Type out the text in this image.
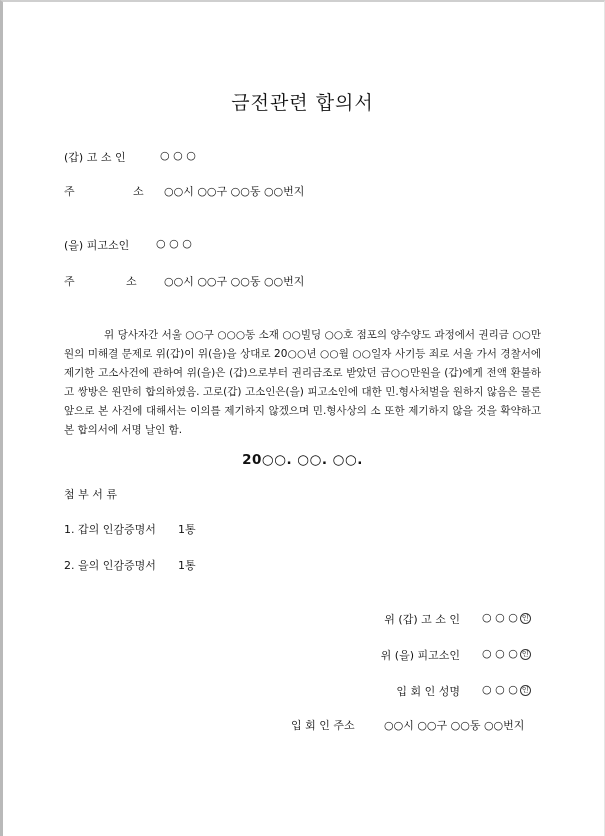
금전관련 합의서
(갑) 고 소 인	○ ○ ○
주	소 ○○시 ○○구 ○○동 ○○번지
(을) 피고소인 ○ ○ ○
주	소 ○○시 ○○구 ○○동 ○○번지
위 당사자간 서울 ○○구 ○○○동 소재 ○○빌딩 ○○호 점포의 양수양도 과정에서 권리금 ○○만원의 미해결 문제로 위(갑)이 위(을)을 상대로 20○○년 ○○월 ○○일자 사기등 죄로 서울 가서 경찰서에 제기한 고소사건에 관하여 위(을)은 (갑)으로부터 권리금조로 받았던 금○○만원을 (갑)에게 전액 환불하고 쌍방은 원만히 합의하였음. 고로(갑) 고소인은(을) 피고소인에 대한 민.형사처벌을 원하지 않음은 물론 앞으로 본 사건에 대해서는 이의를 제기하지 않겠으며 민.형사상의 소 또한 제기하지 않을 것을 확약하고 본 합의서에 서명 날인 함.
20○○. ○○. ○○.
첨 부 서 류
1. 갑의 인감증명서 1통
2. 을의 인감증명서 1통
위 (갑) 고 소 인 ○ ○ ○ 인
위 (을) 피고소인 ○ ○ ○ 인
입 회 인 성명 ○ ○ ○ 인
입 회 인 주소	○○시 ○○구 ○○동 ○○번지
